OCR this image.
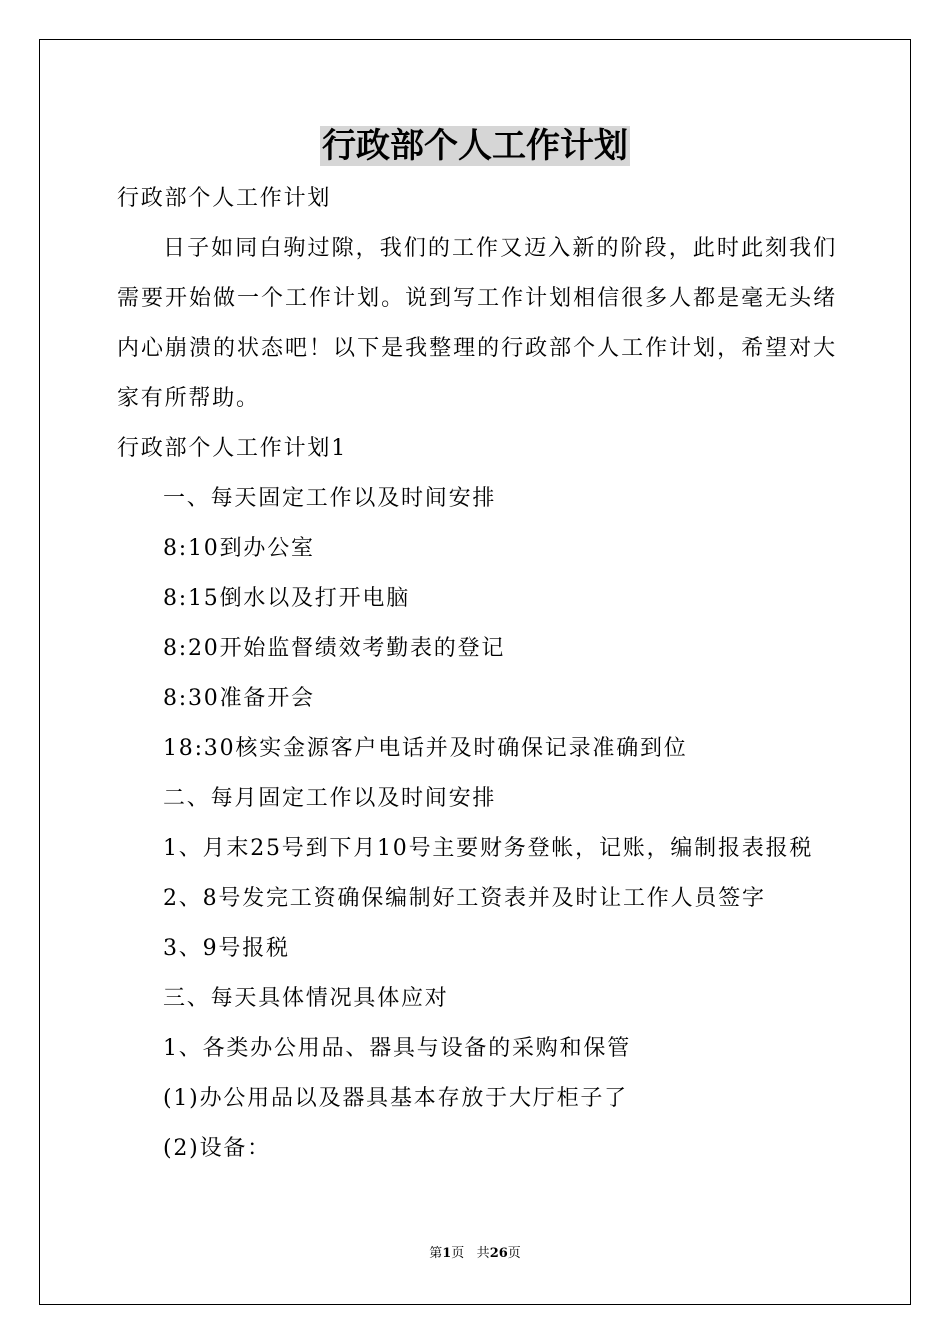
行政部个人工作计划

行政部个人工作计划

日子如同白驹过隙，我们的工作又迈入新的阶段，此时此刻我们需要开始做一个工作计划。说到写工作计划相信很多人都是毫无头绪内心崩溃的状态吧！以下是我整理的行政部个人工作计划，希望对大家有所帮助。

行政部个人工作计划1

一、每天固定工作以及时间安排

8:10到办公室

8:15倒水以及打开电脑

8:20开始监督绩效考勤表的登记

8:30准备开会

18:30核实金源客户电话并及时确保记录准确到位

二、每月固定工作以及时间安排

1、月末25号到下月10号主要财务登帐，记账，编制报表报税

2、8号发完工资确保编制好工资表并及时让工作人员签字

3、9号报税

三、每天具体情况具体应对

1、各类办公用品、器具与设备的采购和保管

(1)办公用品以及器具基本存放于大厅柜子了

(2)设备：

第1页 共26页
